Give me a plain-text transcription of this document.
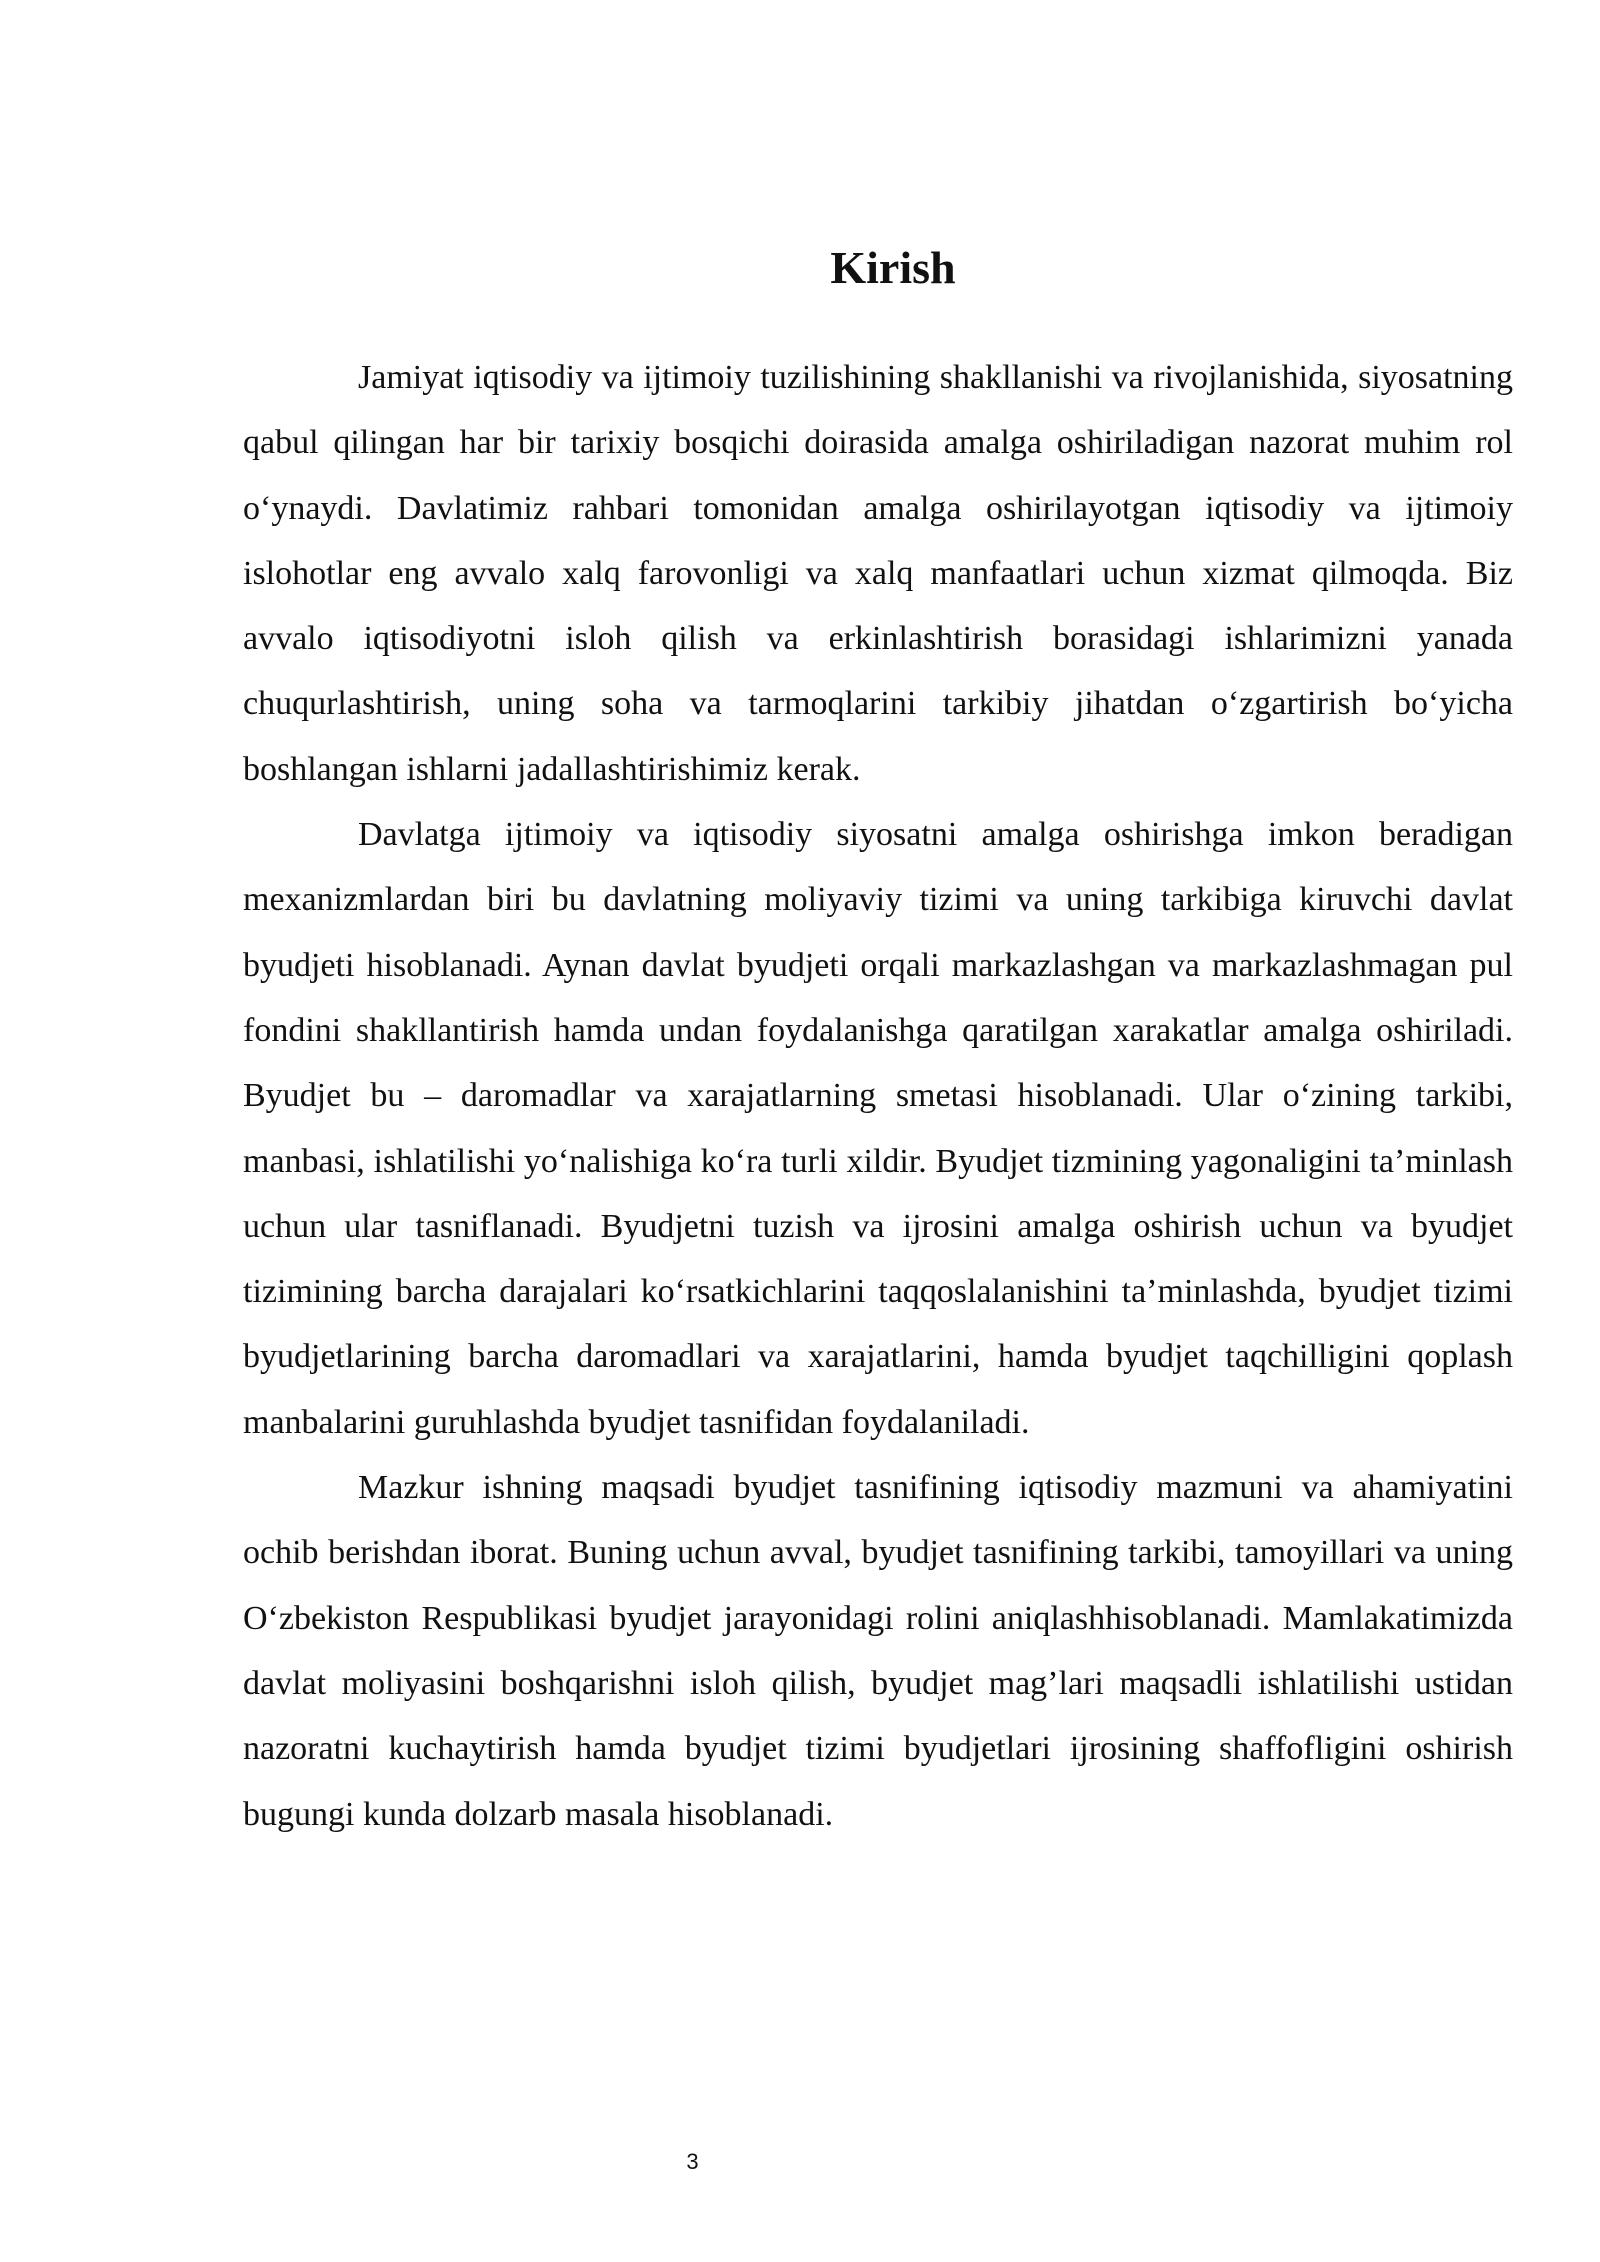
Kirish

Jamiyat iqtisodiy va ijtimoiy tuzilishining shakllanishi va rivojlanishida, siyosatning qabul qilingan har bir tarixiy bosqichi doirasida amalga oshiriladigan nazorat muhim rol o‘ynaydi. Davlatimiz rahbari tomonidan amalga oshirilayotgan iqtisodiy va ijtimoiy islohotlar eng avvalo xalq farovonligi va xalq manfaatlari uchun xizmat qilmoqda. Biz avvalo iqtisodiyotni isloh qilish va erkinlashtirish borasidagi ishlarimizni yanada chuqurlashtirish, uning soha va tarmoqlarini tarkibiy jihatdan o‘zgartirish bo‘yicha boshlangan ishlarni jadallashtirishimiz kerak.

Davlatga ijtimoiy va iqtisodiy siyosatni amalga oshirishga imkon beradigan mexanizmlardan biri bu davlatning moliyaviy tizimi va uning tarkibiga kiruvchi davlat byudjeti hisoblanadi. Aynan davlat byudjeti orqali markazlashgan va markazlashmagan pul fondini shakllantirish hamda undan foydalanishga qaratilgan xarakatlar amalga oshiriladi. Byudjet bu – daromadlar va xarajatlarning smetasi hisoblanadi. Ular o‘zining tarkibi, manbasi, ishlatilishi yo‘nalishiga ko‘ra turli xildir. Byudjet tizmining yagonaligini ta’minlash uchun ular tasniflanadi. Byudjetni tuzish va ijrosini amalga oshirish uchun va byudjet tizimining barcha darajalari ko‘rsatkichlarini taqqoslalanishini ta’minlashda, byudjet tizimi byudjetlarining barcha daromadlari va xarajatlarini, hamda byudjet taqchilligini qoplash manbalarini guruhlashda byudjet tasnifidan foydalaniladi.

Mazkur ishning maqsadi byudjet tasnifining iqtisodiy mazmuni va ahamiyatini ochib berishdan iborat. Buning uchun avval, byudjet tasnifining tarkibi, tamoyillari va uning O‘zbekiston Respublikasi byudjet jarayonidagi rolini aniqlashhisoblanadi. Mamlakatimizda davlat moliyasini boshqarishni isloh qilish, byudjet mag’lari maqsadli ishlatilishi ustidan nazoratni kuchaytirish hamda byudjet tizimi byudjetlari ijrosining shaffofligini oshirish bugungi kunda dolzarb masala hisoblanadi.

3
